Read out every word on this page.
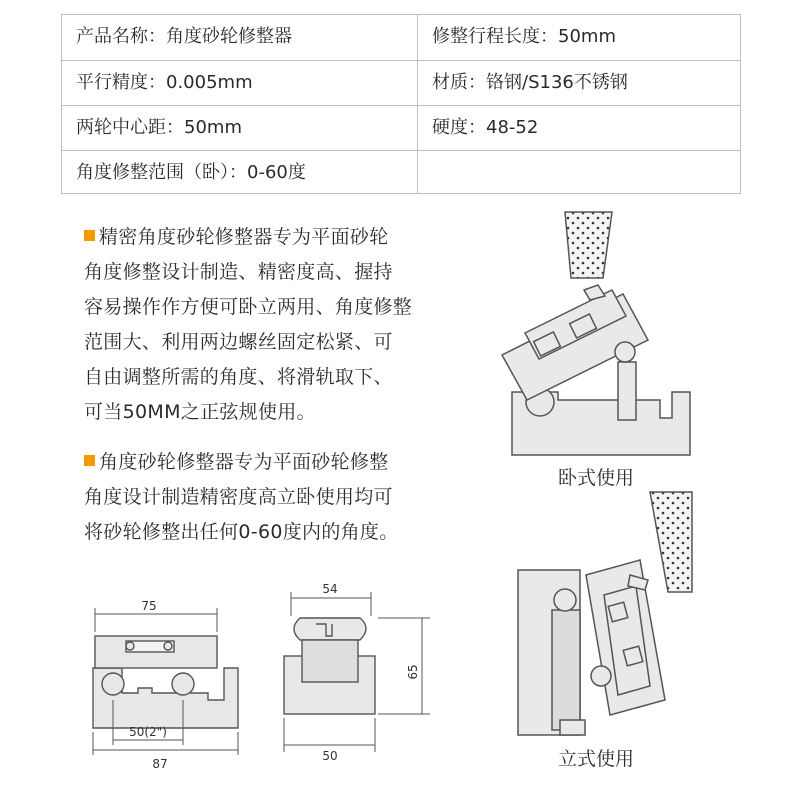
产品名称：角度砂轮修整器	修整行程长度：50mm
平行精度：0.005mm	材质：铬钢/S136不锈钢
两轮中心距：50mm	硬度：48-52
角度修整范围（卧）：0-60度
精密角度砂轮修整器专为平面砂轮
角度修整设计制造、精密度高、握持
容易操作作方便可卧立两用、角度修整
范围大、利用两边螺丝固定松紧、可
自由调整所需的角度、将滑轨取下、
可当50MM之正弦规使用。
角度砂轮修整器专为平面砂轮修整
角度设计制造精密度高立卧使用均可
将砂轮修整出任何0-60度内的角度。
75
50(2")
87
54
65
50
卧式使用
立式使用
